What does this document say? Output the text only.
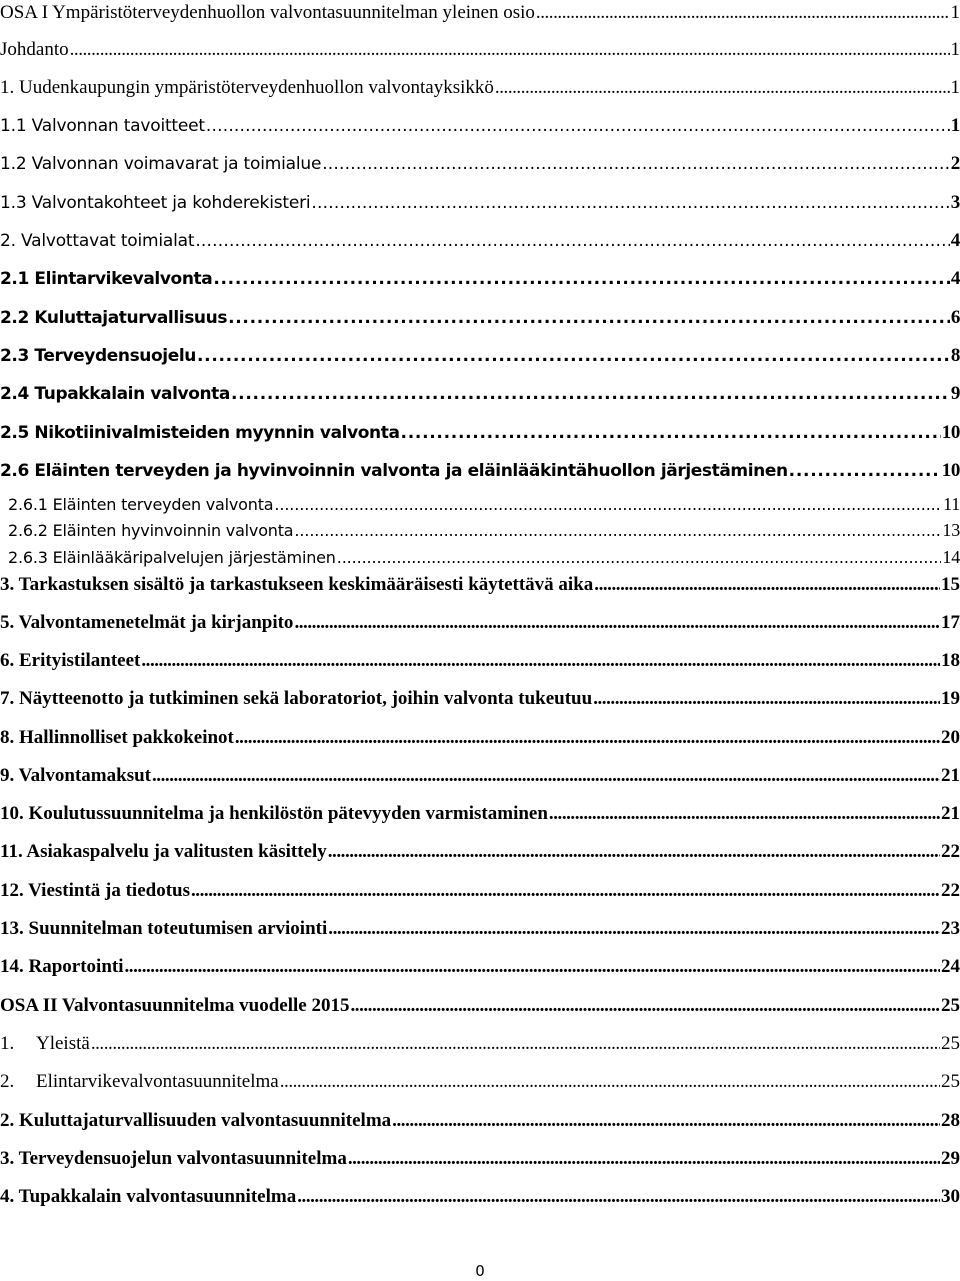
OSA I Ympäristöterveydenhuollon valvontasuunnitelman yleinen osio . . .	1
Johdanto . . .	1
1. Uudenkaupungin ympäristöterveydenhuollon valvontayksikkö . . .	1
1.1 Valvonnan tavoitteet . . .	1
1.2 Valvonnan voimavarat ja toimialue . . .	2
1.3 Valvontakohteet ja kohderekisteri . . .	3
2. Valvottavat toimialat . . .	4
2.1 Elintarvikevalvonta . . .	4
2.2 Kuluttajaturvallisuus . . .	6
2.3 Terveydensuojelu . . .	8
2.4 Tupakkalain valvonta . . .	9
2.5 Nikotiinivalmisteiden myynnin valvonta . . .	10
2.6 Eläinten terveyden ja hyvinvoinnin valvonta ja eläinlääkintähuollon järjestäminen . . .	10
2.6.1 Eläinten terveyden valvonta . . .	11
2.6.2 Eläinten hyvinvoinnin valvonta . . .	13
2.6.3 Eläinlääkäripalvelujen järjestäminen . . .	14
3. Tarkastuksen sisältö ja tarkastukseen keskimääräisesti käytettävä aika . . .	15
5. Valvontamenetelmät ja kirjanpito . . .	17
6. Erityistilanteet . . .	18
7. Näytteenotto ja tutkiminen sekä laboratoriot, joihin valvonta tukeutuu . . .	19
8. Hallinnolliset pakkokeinot . . .	20
9. Valvontamaksut . . .	21
10. Koulutussuunnitelma ja henkilöstön pätevyyden varmistaminen . . .	21
11. Asiakaspalvelu ja valitusten käsittely . . .	22
12. Viestintä ja tiedotus . . .	22
13. Suunnitelman toteutumisen arviointi . . .	23
14. Raportointi . . .	24
OSA II Valvontasuunnitelma vuodelle 2015 . . .	25
1. Yleistä . . .	25
2. Elintarvikevalvontasuunnitelma . . .	25
2. Kuluttajaturvallisuuden valvontasuunnitelma . . .	28
3. Terveydensuojelun valvontasuunnitelma . . .	29
4. Tupakkalain valvontasuunnitelma . . .	30
0
